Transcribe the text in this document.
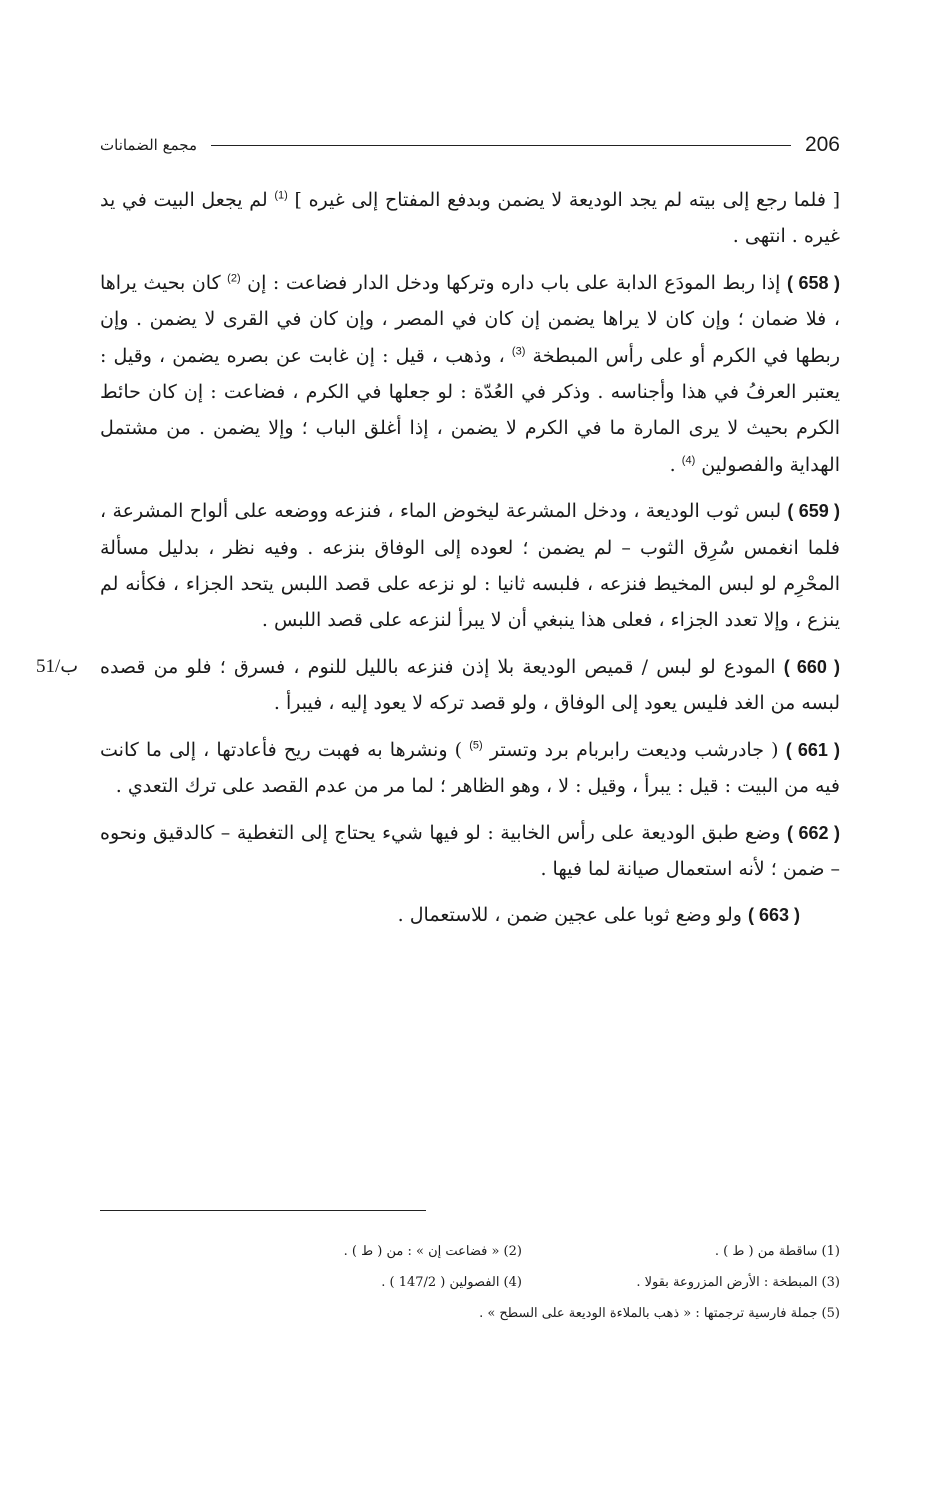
206
مجمع الضمانات

[ فلما رجع إلى بيته لم يجد الوديعة لا يضمن وبدفع المفتاح إلى غيره ] $^{(1)}$ لم يجعل البيت في يد غيره . انتهى .

( 658 ) إذا ربط المودَع الدابة على باب داره وتركها ودخل الدار فضاعت : إن $^{(2)}$ كان بحيث يراها ، فلا ضمان ؛ وإن كان لا يراها يضمن إن كان في المصر ، وإن كان في القرى لا يضمن . وإن ربطها في الكرم أو على رأس المبطخة $^{(3)}$ ، وذهب ، قيل : إن غابت عن بصره يضمن ، وقيل : يعتبر العرفُ في هذا وأجناسه . وذكر في العُدّة : لو جعلها في الكرم ، فضاعت : إن كان حائط الكرم بحيث لا يرى المارة ما في الكرم لا يضمن ، إذا أغلق الباب ؛ وإلا يضمن . من مشتمل الهداية والفصولين $^{(4)}$ .

( 659 ) لبس ثوب الوديعة ، ودخل المشرعة ليخوض الماء ، فنزعه ووضعه على ألواح المشرعة ، فلما انغمس سُرِق الثوب – لم يضمن ؛ لعوده إلى الوفاق بنزعه . وفيه نظر ، بدليل مسألة المحْرِم لو لبس المخيط فنزعه ، فلبسه ثانيا : لو نزعه على قصد اللبس يتحد الجزاء ، فكأنه لم ينزع ، وإلا تعدد الجزاء ، فعلى هذا ينبغي أن لا يبرأ لنزعه على قصد اللبس .

51/ب	( 660 ) المودع لو لبس / قميص الوديعة بلا إذن فنزعه بالليل للنوم ، فسرق ؛ فلو من قصده لبسه من الغد فليس يعود إلى الوفاق ، ولو قصد تركه لا يعود إليه ، فيبرأ .

( 661 ) ( جادرشب وديعت رابربام برد وتستر $^{(5)}$ ) ونشرها به فهبت ريح فأعادتها ، إلى ما كانت فيه من البيت : قيل : يبرأ ، وقيل : لا ، وهو الظاهر ؛ لما مر من عدم القصد على ترك التعدي .

( 662 ) وضع طبق الوديعة على رأس الخابية : لو فيها شيء يحتاج إلى التغطية – كالدقيق ونحوه – ضمن ؛ لأنه استعمال صيانة لما فيها .

( 663 ) ولو وضع ثوبا على عجين ضمن ، للاستعمال .

(1) ساقطة من ( ط ) .
(2) « فضاعت إن » : من ( ط ) .
(3) المبطخة : الأرض المزروعة بقولا .
(4) الفصولين ( 147/2 ) .
(5) جملة فارسية ترجمتها : « ذهب بالملاءة الوديعة على السطح » .
